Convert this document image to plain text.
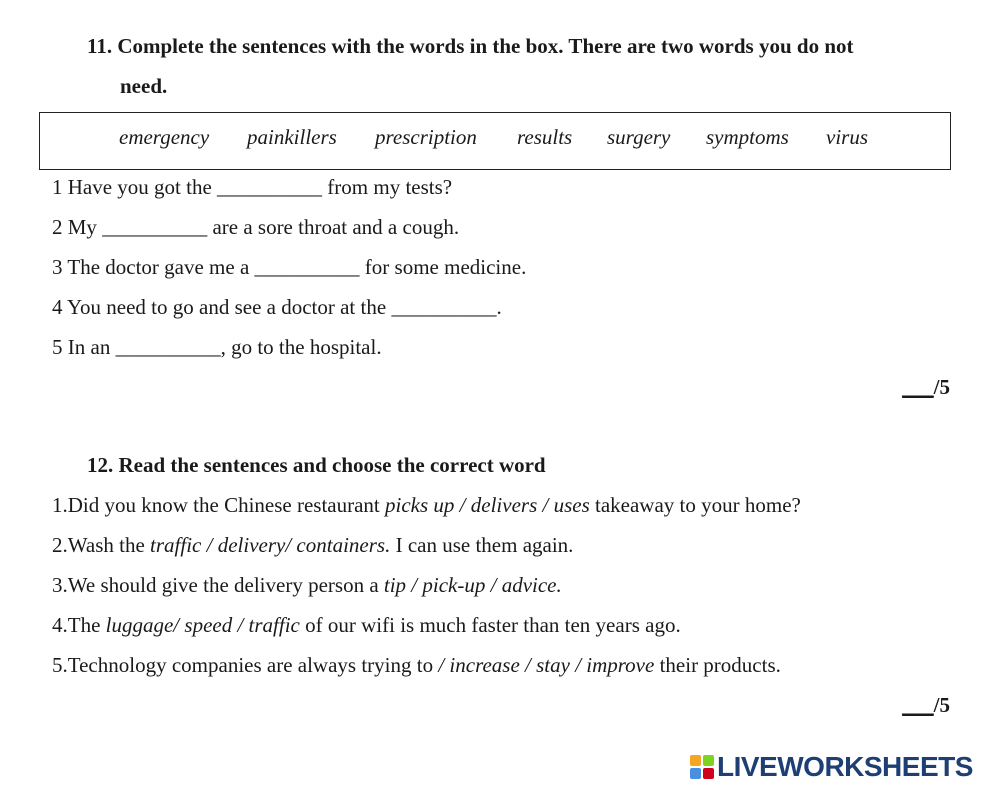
11. Complete the sentences with the words in the box. There are two words you do not
need.
emergency painkillers prescription results surgery symptoms virus
1 Have you got the __________ from my tests?
2 My __________ are a sore throat and a cough.
3 The doctor gave me a __________ for some medicine.
4 You need to go and see a doctor at the __________.
5 In an __________, go to the hospital.
___/5
12. Read the sentences and choose the correct word
1.Did you know the Chinese restaurant picks up / delivers / uses takeaway to your home?
2.Wash the traffic / delivery/ containers. I can use them again.
3.We should give the delivery person a tip / pick-up / advice.
4.The luggage/ speed / traffic of our wifi is much faster than ten years ago.
5.Technology companies are always trying to / increase / stay / improve their products.
___/5
LIVEWORKSHEETS
